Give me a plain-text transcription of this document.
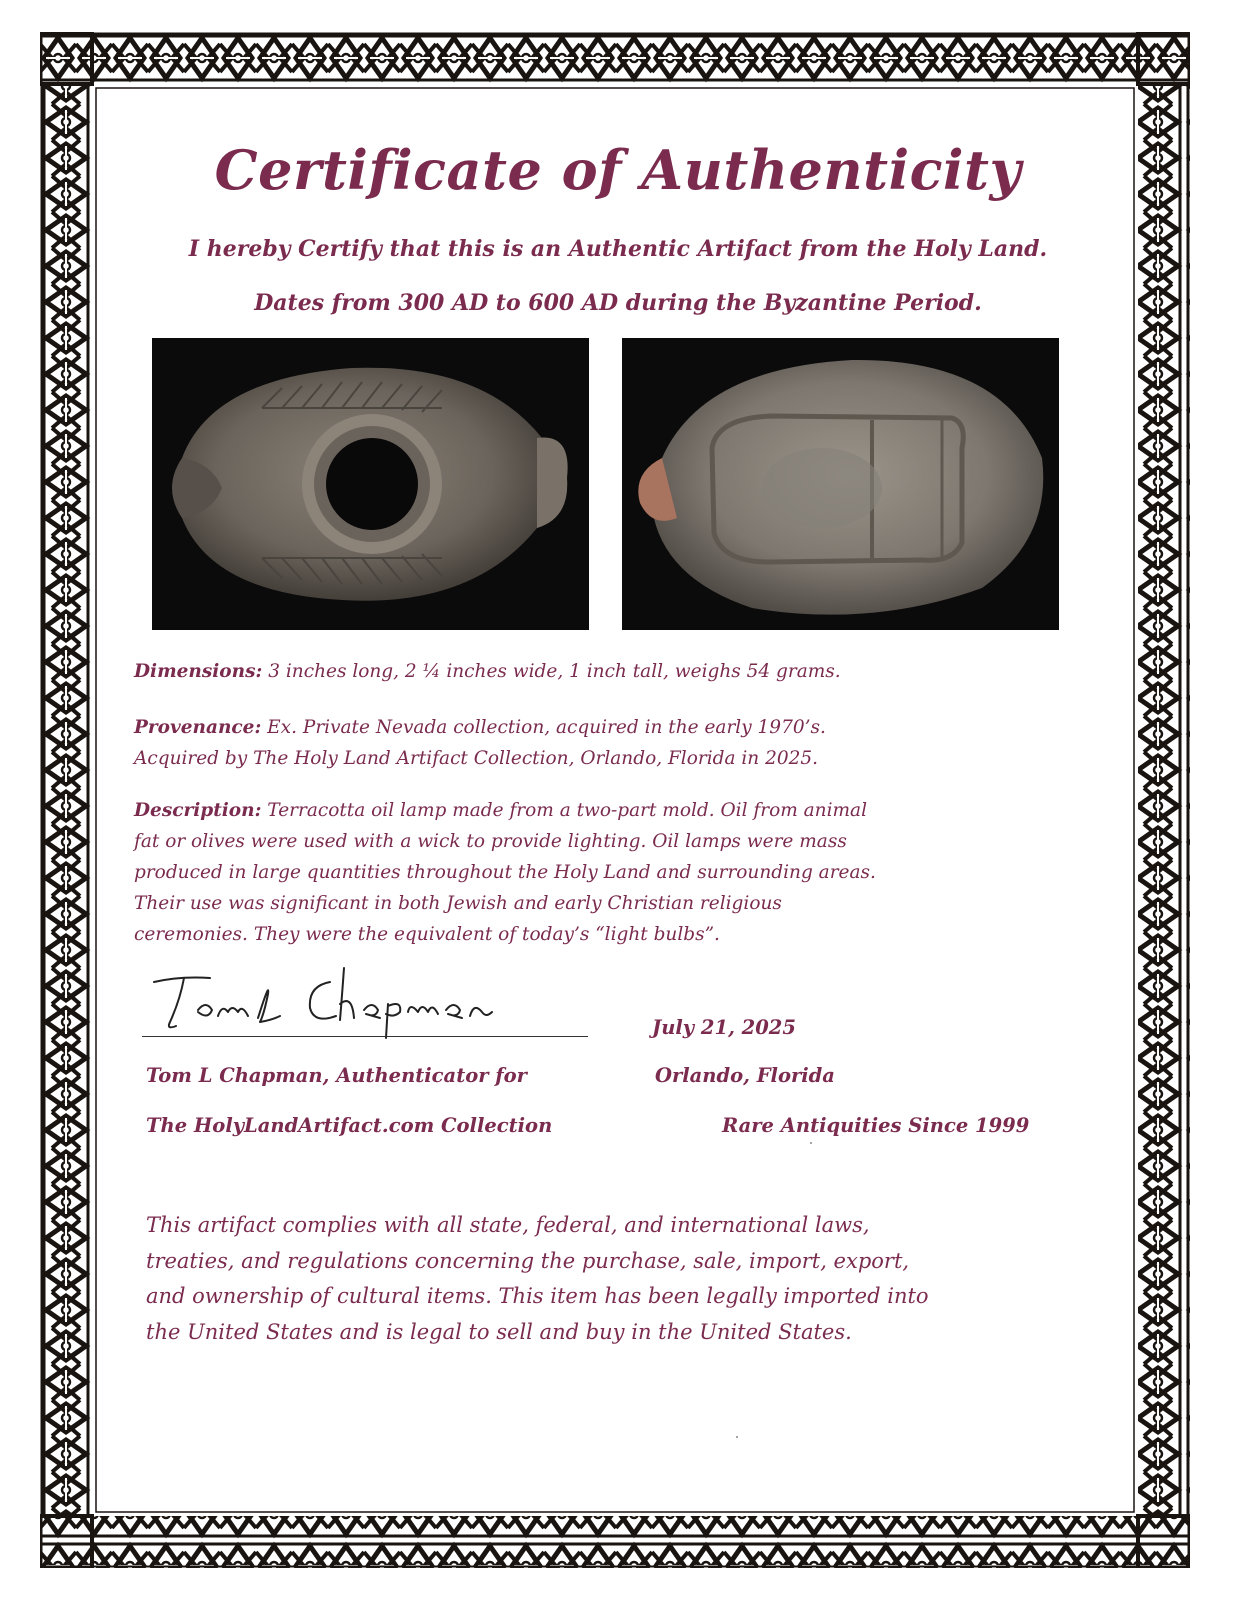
Certificate of Authenticity
I hereby Certify that this is an Authentic Artifact from the Holy Land.
Dates from 300 AD to 600 AD during the Byzantine Period.
Dimensions: 3 inches long, 2 ¼ inches wide, 1 inch tall, weighs 54 grams.
Provenance: Ex. Private Nevada collection, acquired in the early 1970’s.
Acquired by The Holy Land Artifact Collection, Orlando, Florida in 2025.
Description: Terracotta oil lamp made from a two-part mold. Oil from animal
fat or olives were used with a wick to provide lighting. Oil lamps were mass
produced in large quantities throughout the Holy Land and surrounding areas.
Their use was significant in both Jewish and early Christian religious
ceremonies. They were the equivalent of today’s “light bulbs”.
July 21, 2025
Tom L Chapman, Authenticator for	Orlando, Florida
The HolyLandArtifact.com Collection	Rare Antiquities Since 1999
This artifact complies with all state, federal, and international laws,
treaties, and regulations concerning the purchase, sale, import, export,
and ownership of cultural items. This item has been legally imported into
the United States and is legal to sell and buy in the United States.
